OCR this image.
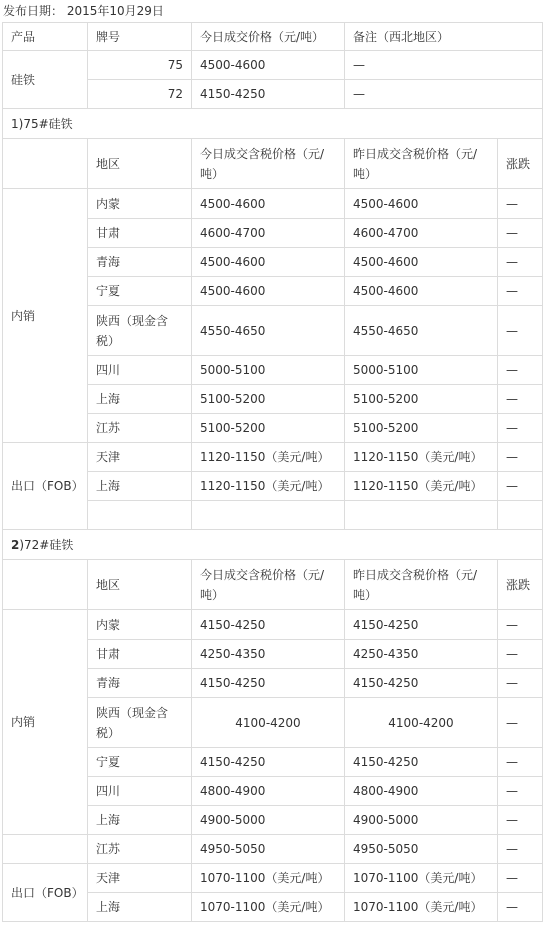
发布日期： 2015年10月29日
产品	牌号	今日成交价格（元/吨）	备注（西北地区）	
硅铁	75	4500-4600	—	
	72	4150-4250	—	
1)75#硅铁				
	地区	今日成交含税价格（元/吨）	昨日成交含税价格（元/吨）	涨跌
内销	内蒙	4500-4600	4500-4600	—
	甘肃	4600-4700	4600-4700	—
	青海	4500-4600	4500-4600	—
	宁夏	4500-4600	4500-4600	—
	陕西（现金含税）	4550-4650	4550-4650	—
	四川	5000-5100	5000-5100	—
	上海	5100-5200	5100-5200	—
	江苏	5100-5200	5100-5200	—
出口（FOB）	天津	1120-1150（美元/吨）	1120-1150（美元/吨）	—
	上海	1120-1150（美元/吨）	1120-1150（美元/吨）	—

2)72#硅铁				
	地区	今日成交含税价格（元/吨）	昨日成交含税价格（元/吨）	涨跌
内销	内蒙	4150-4250	4150-4250	—
	甘肃	4250-4350	4250-4350	—
	青海	4150-4250	4150-4250	—
	陕西（现金含税）	4100-4200	4100-4200	—
	宁夏	4150-4250	4150-4250	—
	四川	4800-4900	4800-4900	—
	上海	4900-5000	4900-5000	—
	江苏	4950-5050	4950-5050	—
出口（FOB）	天津	1070-1100（美元/吨）	1070-1100（美元/吨）	—
	上海	1070-1100（美元/吨）	1070-1100（美元/吨）	—
